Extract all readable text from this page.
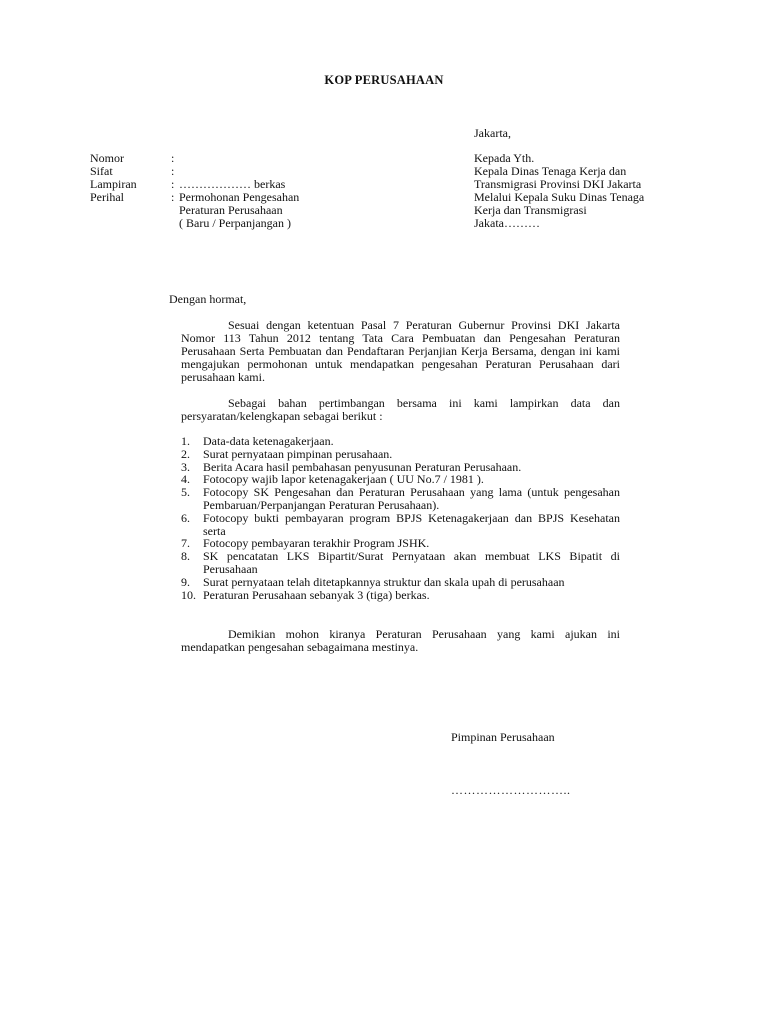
KOP PERUSAHAAN
Jakarta,
Nomor	:
Sifat	:
Lampiran	: ……………… berkas
Perihal	: Permohonan Pengesahan
Peraturan Perusahaan
( Baru / Perpanjangan )
Kepada Yth.
Kepala Dinas Tenaga Kerja dan
Transmigrasi Provinsi DKI Jakarta
Melalui Kepala Suku Dinas Tenaga
Kerja dan Transmigrasi
Jakata………
Dengan hormat,

Sesuai dengan ketentuan Pasal 7 Peraturan Gubernur Provinsi DKI Jakarta Nomor 113 Tahun 2012 tentang Tata Cara Pembuatan dan Pengesahan Peraturan Perusahaan Serta Pembuatan dan Pendaftaran Perjanjian Kerja Bersama, dengan ini kami mengajukan permohonan untuk mendapatkan pengesahan Peraturan Perusahaan dari perusahaan kami.

Sebagai bahan pertimbangan bersama ini kami lampirkan data dan persyaratan/kelengkapan sebagai berikut :

1. Data-data ketenagakerjaan.
2. Surat pernyataan pimpinan perusahaan.
3. Berita Acara hasil pembahasan penyusunan Peraturan Perusahaan.
4. Fotocopy wajib lapor ketenagakerjaan ( UU No.7 / 1981 ).
5. Fotocopy SK Pengesahan dan Peraturan Perusahaan yang lama (untuk pengesahan Pembaruan/Perpanjangan Peraturan Perusahaan).
6. Fotocopy bukti pembayaran program BPJS Ketenagakerjaan dan BPJS Kesehatan serta
7. Fotocopy pembayaran terakhir Program JSHK.
8. SK pencatatan LKS Bipartit/Surat Pernyataan akan membuat LKS Bipatit di Perusahaan
9. Surat pernyataan telah ditetapkannya struktur dan skala upah di perusahaan
10. Peraturan Perusahaan sebanyak 3 (tiga) berkas.

Demikian mohon kiranya Peraturan Perusahaan yang kami ajukan ini mendapatkan pengesahan sebagaimana mestinya.

Pimpinan Perusahaan
………………………..
